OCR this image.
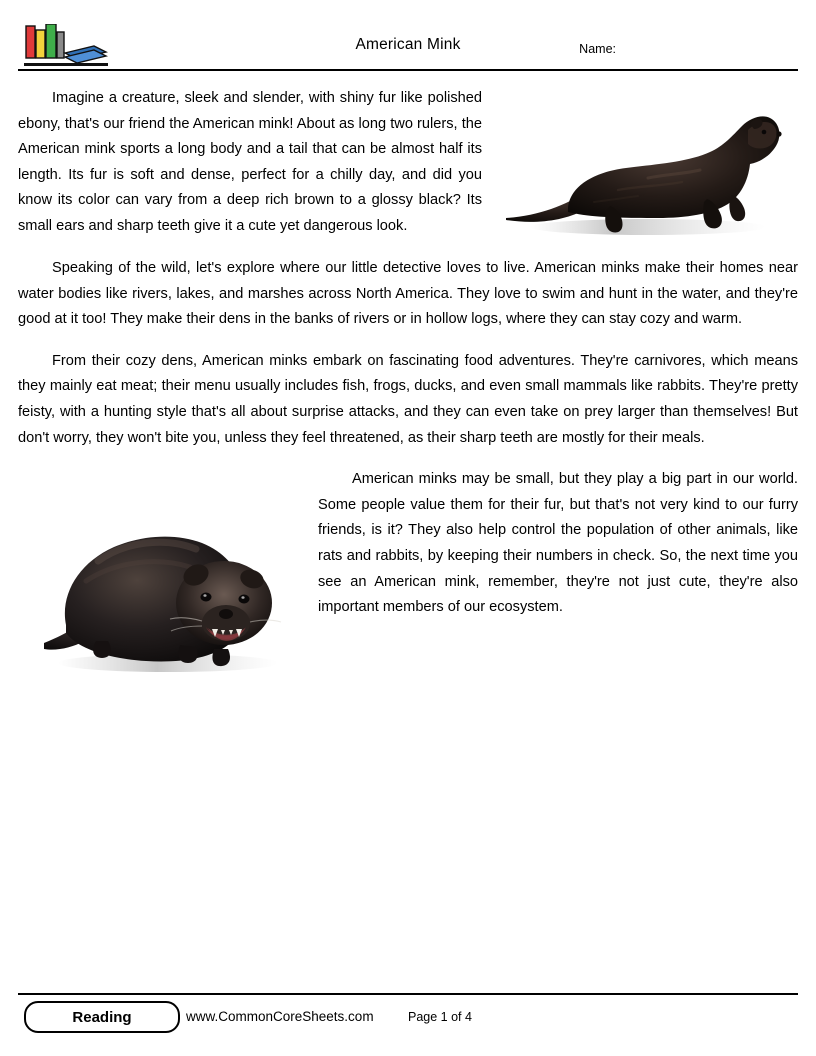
American Mink	Name:

Imagine a creature, sleek and slender, with shiny fur like polished ebony, that's our friend the American mink! About as long two rulers, the American mink sports a long body and a tail that can be almost half its length. Its fur is soft and dense, perfect for a chilly day, and did you know its color can vary from a deep rich brown to a glossy black? Its small ears and sharp teeth give it a cute yet dangerous look.

Speaking of the wild, let's explore where our little detective loves to live. American minks make their homes near water bodies like rivers, lakes, and marshes across North America. They love to swim and hunt in the water, and they're good at it too! They make their dens in the banks of rivers or in hollow logs, where they can stay cozy and warm.

From their cozy dens, American minks embark on fascinating food adventures. They're carnivores, which means they mainly eat meat; their menu usually includes fish, frogs, ducks, and even small mammals like rabbits. They're pretty feisty, with a hunting style that's all about surprise attacks, and they can even take on prey larger than themselves! But don't worry, they won't bite you, unless they feel threatened, as their sharp teeth are mostly for their meals.

American minks may be small, but they play a big part in our world. Some people value them for their fur, but that's not very kind to our furry friends, is it? They also help control the population of other animals, like rats and rabbits, by keeping their numbers in check. So, the next time you see an American mink, remember, they're not just cute, they're also important members of our ecosystem.

Reading	www.CommonCoreSheets.com	Page 1 of 4
